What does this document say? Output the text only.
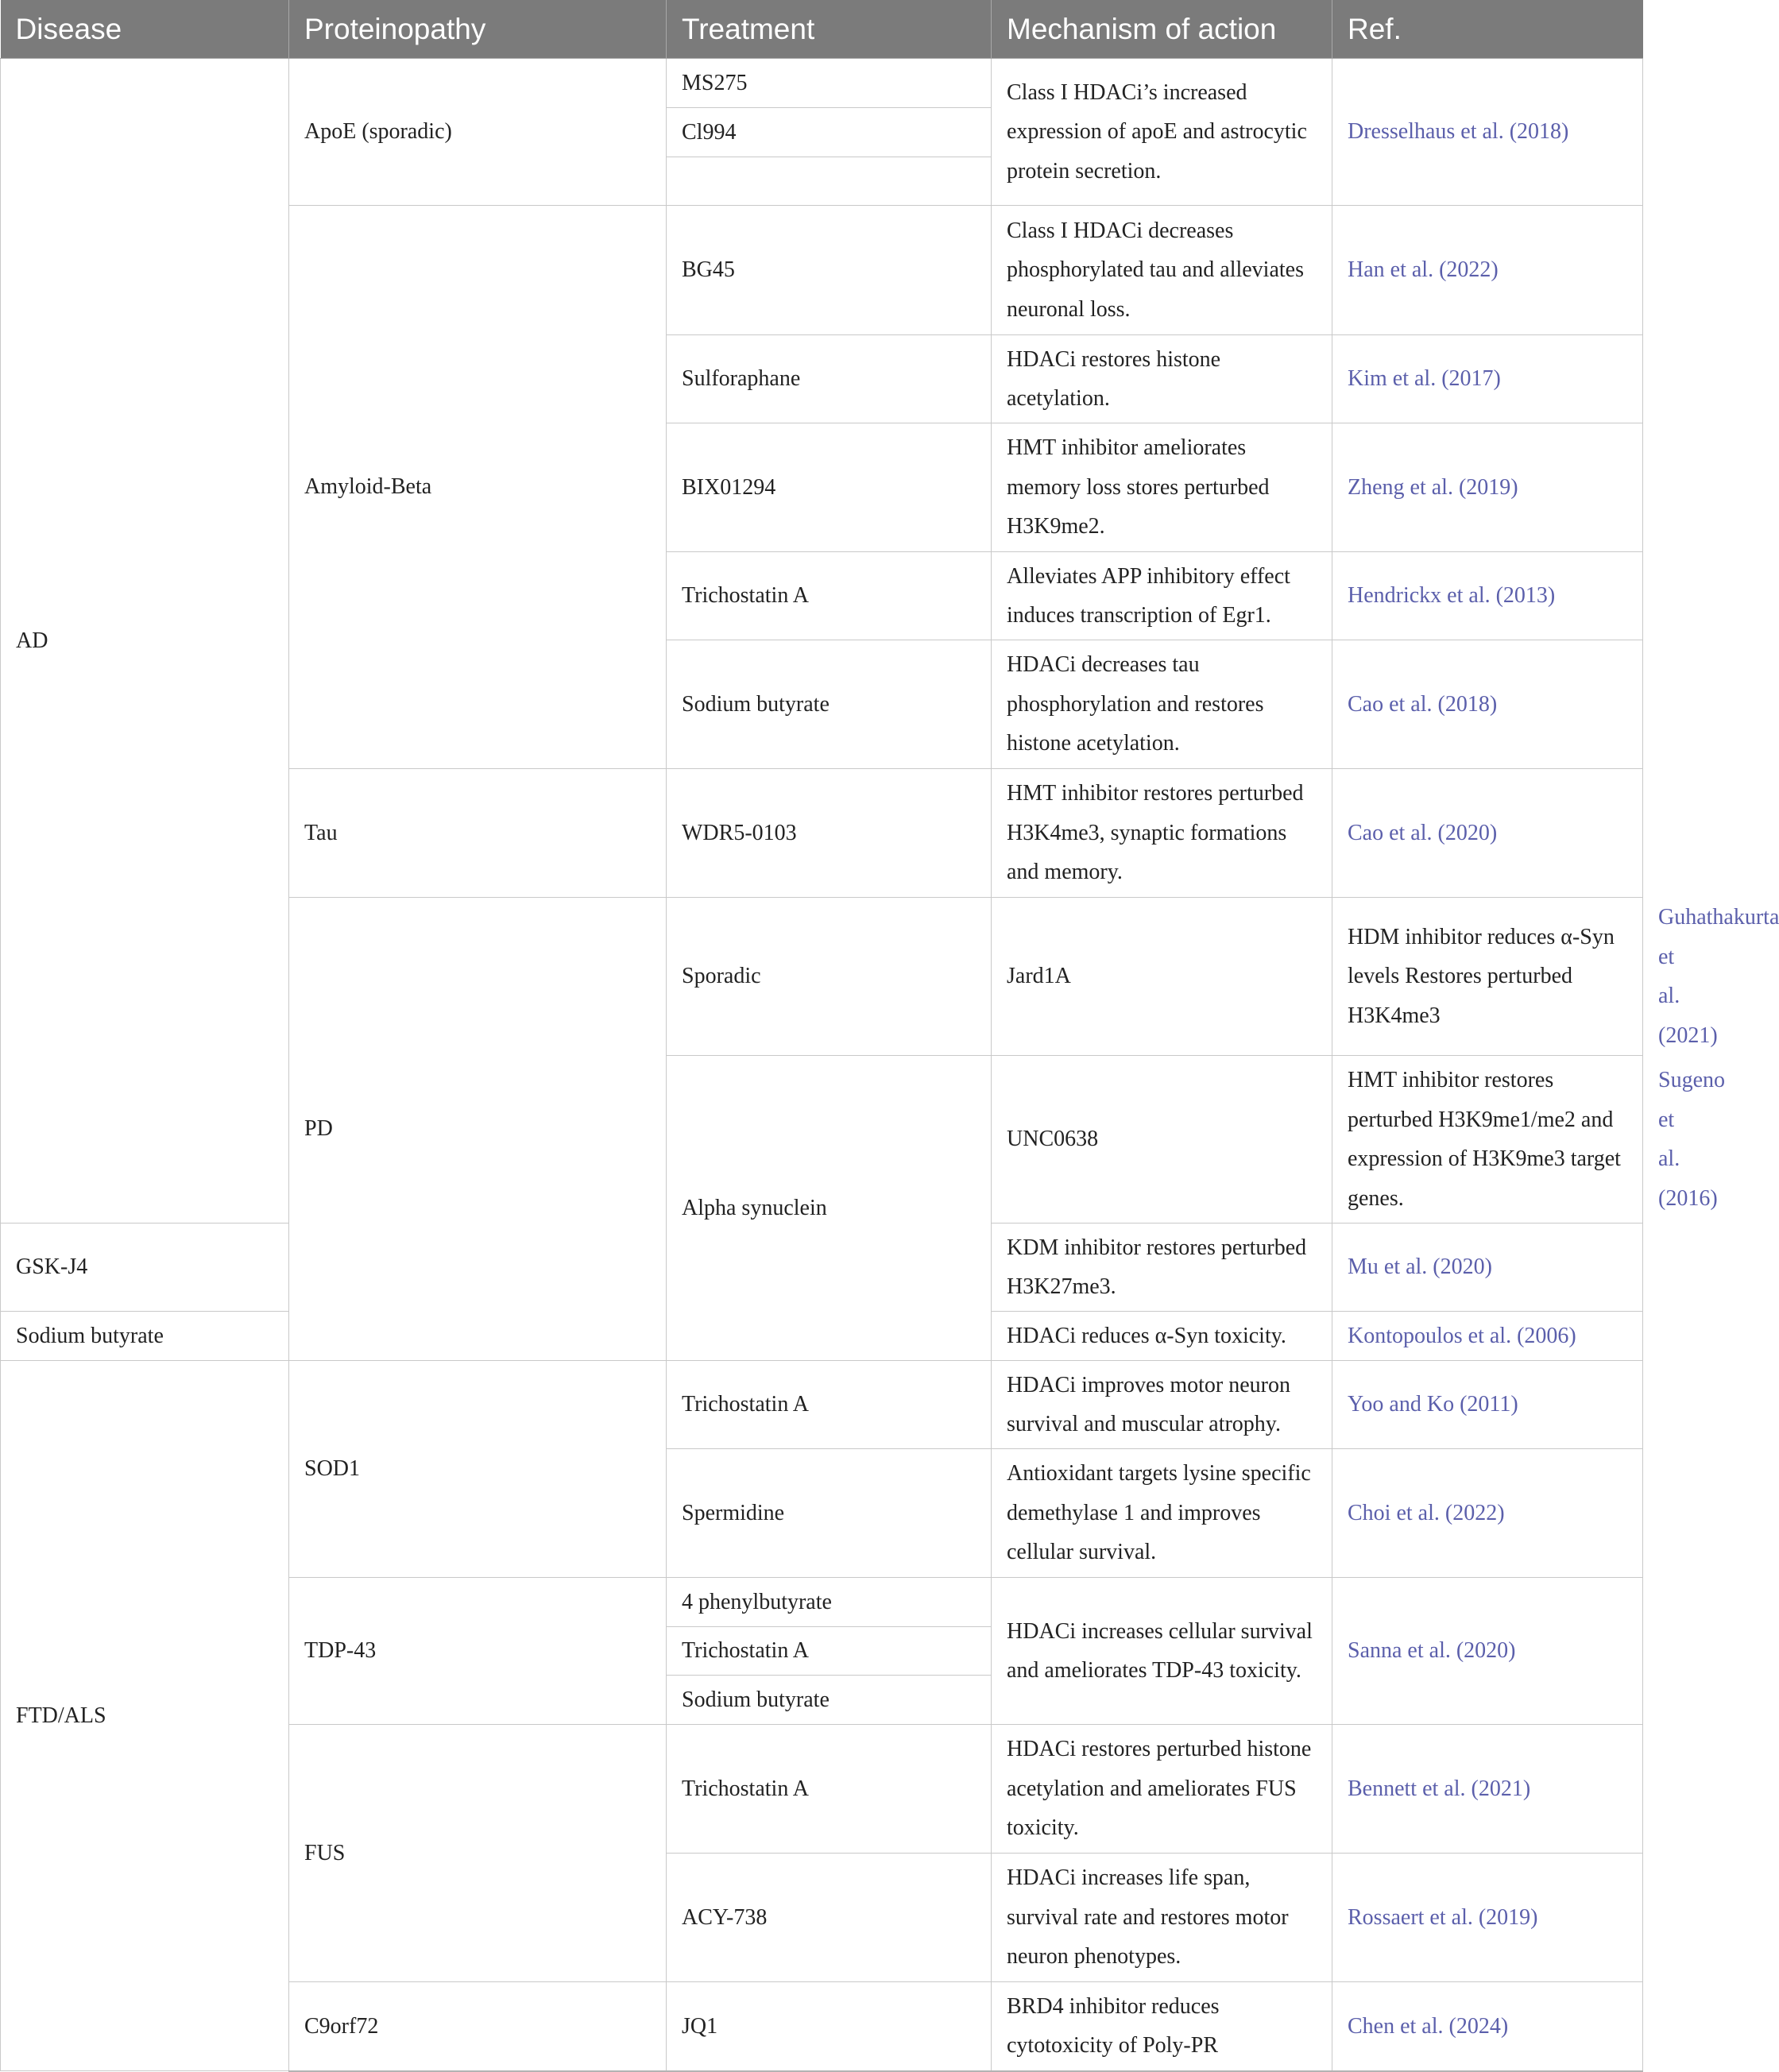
Disease	Proteinopathy	Treatment	Mechanism of action	Ref.	
AD	ApoE (sporadic)	MS275	Class I HDACi’s increased expression of apoE and astrocytic protein secretion.	Dresselhaus et al. (2018)	
		Cl994			

	Amyloid-Beta	BG45	Class I HDACi decreases phosphorylated tau and alleviates neuronal loss.	Han et al. (2022)	
		Sulforaphane	HDACi restores histone acetylation.	Kim et al. (2017)	
		BIX01294	HMT inhibitor ameliorates memory loss stores perturbed H3K9me2.	Zheng et al. (2019)	
		Trichostatin A	Alleviates APP inhibitory effect induces transcription of Egr1.	Hendrickx et al. (2013)	
		Sodium butyrate	HDACi decreases tau phosphorylation and restores histone acetylation.	Cao et al. (2018)	
	Tau	WDR5-0103	HMT inhibitor restores perturbed H3K4me3, synaptic formations and memory.	Cao et al. (2020)	
	PD	Sporadic	Jard1A	HDM inhibitor reduces α-Syn levels Restores perturbed H3K4me3	Guhathakurta et al. (2021)
		Alpha synuclein	UNC0638	HMT inhibitor restores perturbed H3K9me1/me2 and expression of H3K9me3 target genes.	Sugeno et al. (2016)
GSK-J4			KDM inhibitor restores perturbed H3K27me3.	Mu et al. (2020)	
Sodium butyrate			HDACi reduces α-Syn toxicity.	Kontopoulos et al. (2006)	
FTD/ALS	SOD1	Trichostatin A	HDACi improves motor neuron survival and muscular atrophy.	Yoo and Ko (2011)	
		Spermidine	Antioxidant targets lysine specific demethylase 1 and improves cellular survival.	Choi et al. (2022)	
	TDP-43	4 phenylbutyrate	HDACi increases cellular survival and ameliorates TDP-43 toxicity.	Sanna et al. (2020)	
		Trichostatin A			
		Sodium butyrate			
	FUS	Trichostatin A	HDACi restores perturbed histone acetylation and ameliorates FUS toxicity.	Bennett et al. (2021)	
		ACY-738	HDACi increases life span, survival rate and restores motor neuron phenotypes.	Rossaert et al. (2019)	
	C9orf72	JQ1	BRD4 inhibitor reduces cytotoxicity of Poly-PR	Chen et al. (2024)	
